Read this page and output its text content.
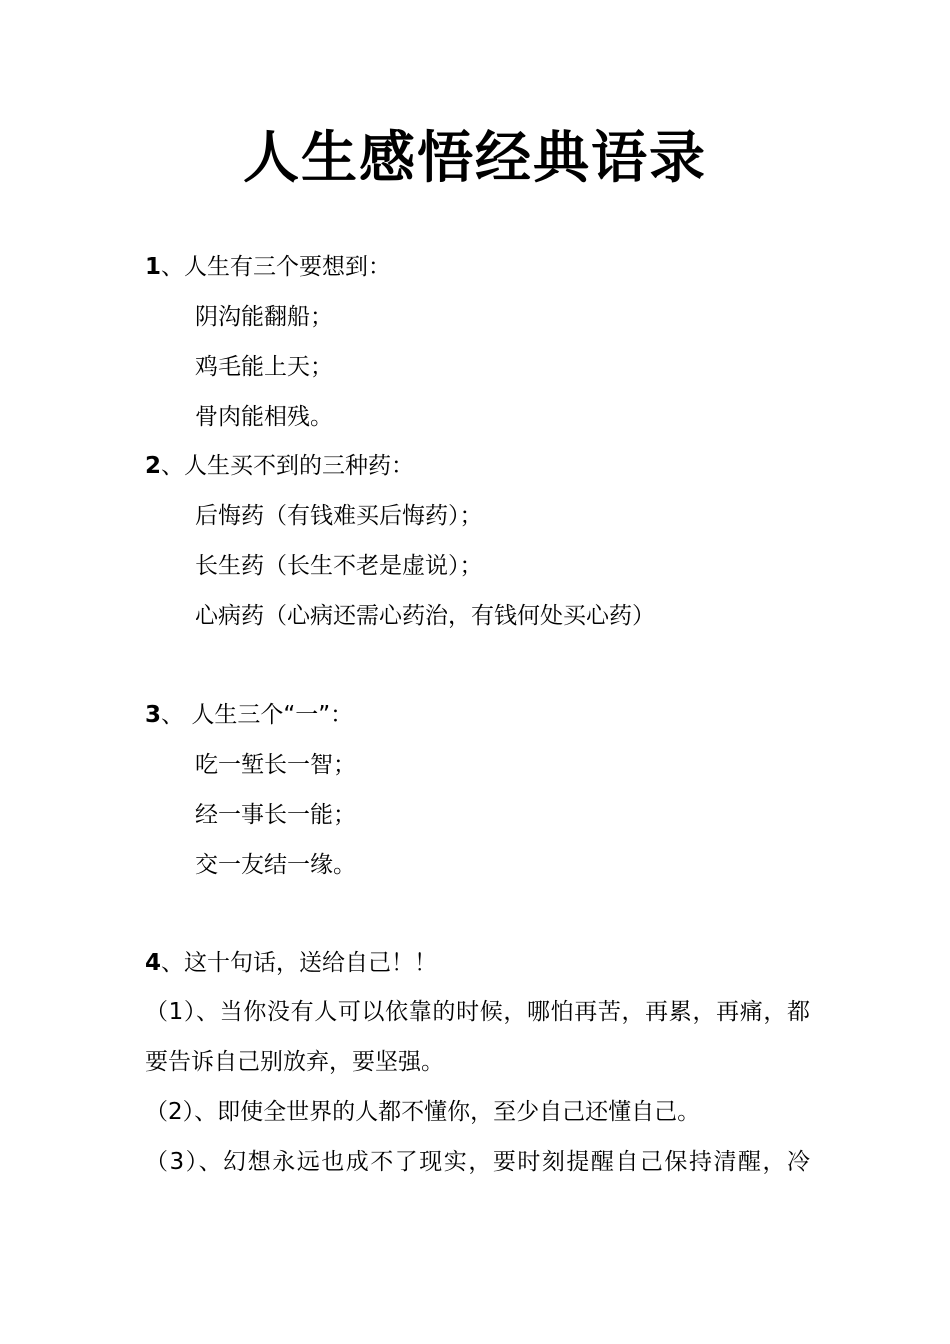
人生感悟经典语录
1、人生有三个要想到：
阴沟能翻船；
鸡毛能上天；
骨肉能相残。
2、人生买不到的三种药：
后悔药（有钱难买后悔药）；
长生药（长生不老是虚说）；
心病药（心病还需心药治，有钱何处买心药）
3、 人生三个“一”：
吃一堑长一智；
经一事长一能；
交一友结一缘。
4、这十句话，送给自己！！
（1）、当你没有人可以依靠的时候，哪怕再苦，再累，再痛，都
要告诉自己别放弃，要坚强。
（2）、即使全世界的人都不懂你，至少自己还懂自己。
（3）、幻想永远也成不了现实，要时刻提醒自己保持清醒，冷
